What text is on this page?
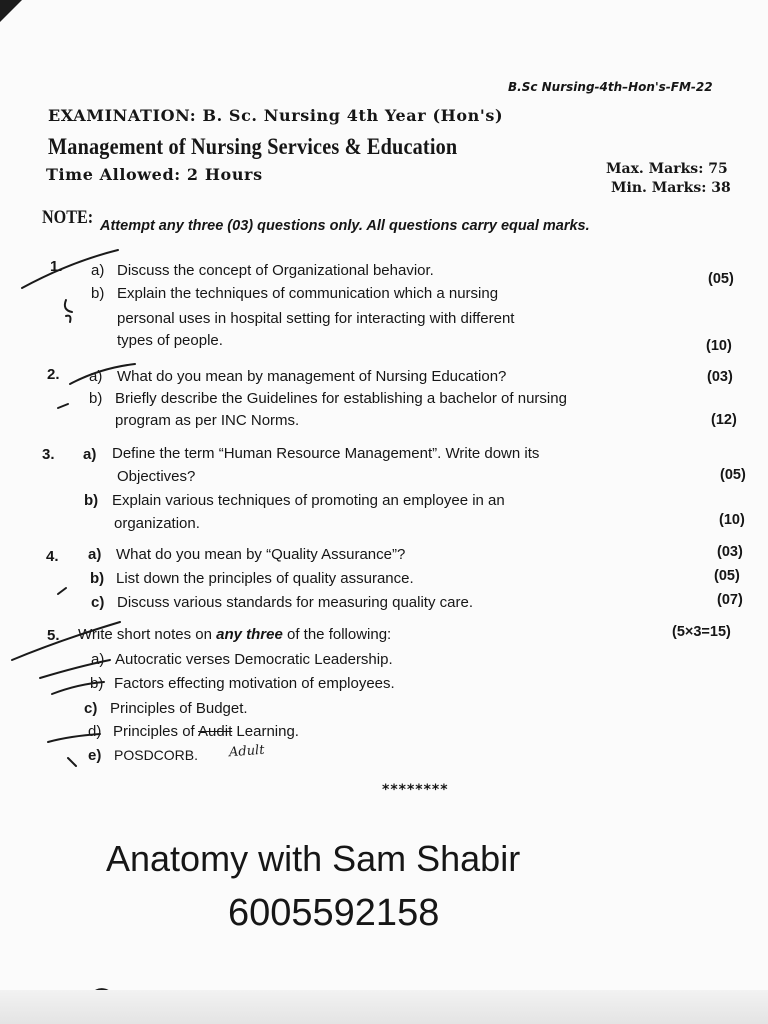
B.Sc Nursing-4th–Hon's-FM-22
EXAMINATION: B. Sc. Nursing 4th Year (Hon's)
Management of Nursing Services & Education
Time Allowed: 2 Hours	Max. Marks: 75
Min. Marks: 38
NOTE: Attempt any three (03) questions only. All questions carry equal marks.
1. a) Discuss the concept of Organizational behavior.	(05)
b) Explain the techniques of communication which a nursing
personal uses in hospital setting for interacting with different
types of people.	(10)
2. a) What do you mean by management of Nursing Education?	(03)
b) Briefly describe the Guidelines for establishing a bachelor of nursing
program as per INC Norms.	(12)
3. a) Define the term “Human Resource Management”. Write down its
Objectives?	(05)
b) Explain various techniques of promoting an employee in an
organization.	(10)
4. a) What do you mean by “Quality Assurance”?	(03)
b) List down the principles of quality assurance.	(05)
c) Discuss various standards for measuring quality care.	(07)
5. Write short notes on any three of the following:	(5×3=15)
a) Autocratic verses Democratic Leadership.
b) Factors effecting motivation of employees.
c) Principles of Budget.
d) Principles of Audit Learning.
e) POSDCORB. Adult
********
Anatomy with Sam Shabir
6005592158
